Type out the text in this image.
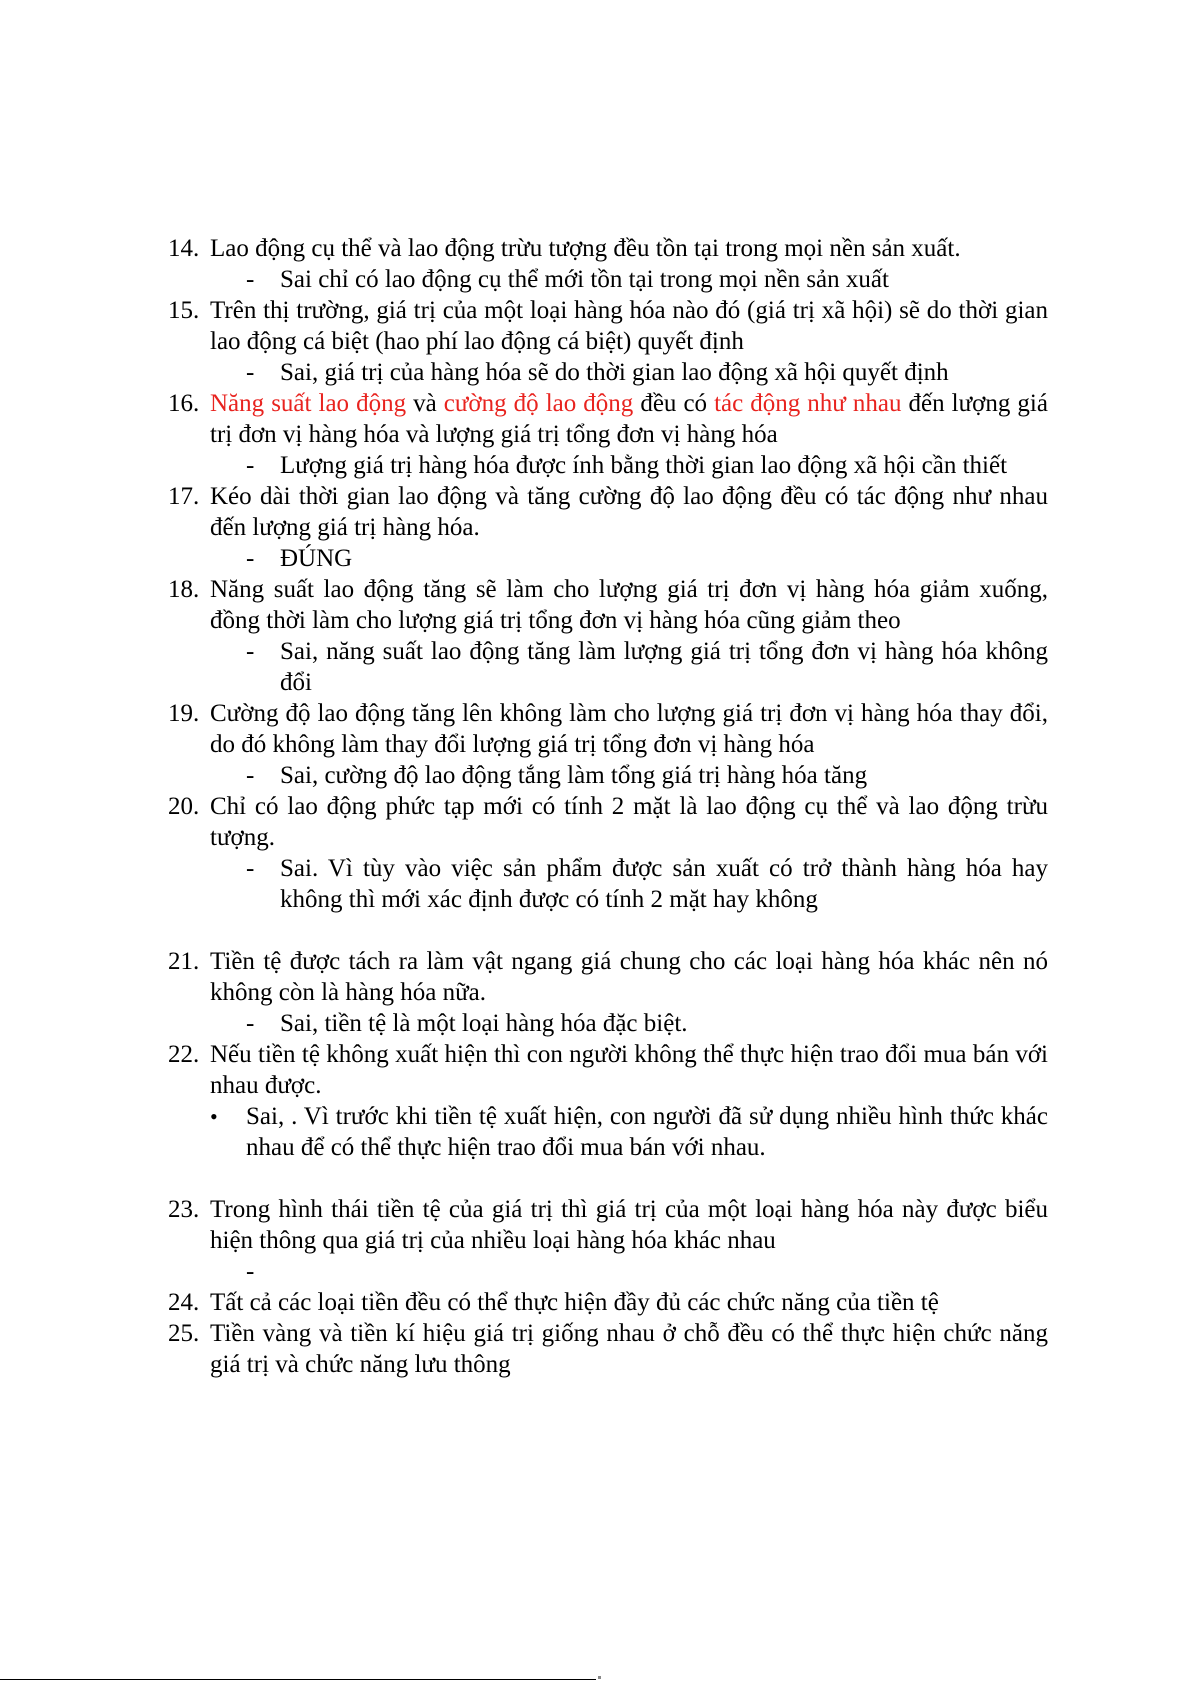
14. Lao động cụ thể và lao động trừu tượng đều tồn tại trong mọi nền sản xuất.
- Sai chỉ có lao động cụ thể mới tồn tại trong mọi nền sản xuất
15. Trên thị trường, giá trị của một loại hàng hóa nào đó (giá trị xã hội) sẽ do thời gian lao động cá biệt (hao phí lao động cá biệt) quyết định
- Sai, giá trị của hàng hóa sẽ do thời gian lao động xã hội quyết định
16. Năng suất lao động và cường độ lao động đều có tác động như nhau đến lượng giá trị đơn vị hàng hóa và lượng giá trị tổng đơn vị hàng hóa
- Lượng giá trị hàng hóa được ính bằng thời gian lao động xã hội cần thiết
17. Kéo dài thời gian lao động và tăng cường độ lao động đều có tác động như nhau đến lượng giá trị hàng hóa.
- ĐÚNG
18. Năng suất lao động tăng sẽ làm cho lượng giá trị đơn vị hàng hóa giảm xuống, đồng thời làm cho lượng giá trị tổng đơn vị hàng hóa cũng giảm theo
- Sai, năng suất lao động tăng làm lượng giá trị tổng đơn vị hàng hóa không đổi
19. Cường độ lao động tăng lên không làm cho lượng giá trị đơn vị hàng hóa thay đổi, do đó không làm thay đổi lượng giá trị tổng đơn vị hàng hóa
- Sai, cường độ lao động tắng làm tổng giá trị hàng hóa tăng
20. Chỉ có lao động phức tạp mới có tính 2 mặt là lao động cụ thể và lao động trừu tượng.
- Sai. Vì tùy vào việc sản phẩm được sản xuất có trở thành hàng hóa hay không thì mới xác định được có tính 2 mặt hay không
21. Tiền tệ được tách ra làm vật ngang giá chung cho các loại hàng hóa khác nên nó không còn là hàng hóa nữa.
- Sai, tiền tệ là một loại hàng hóa đặc biệt.
22. Nếu tiền tệ không xuất hiện thì con người không thể thực hiện trao đổi mua bán với nhau được.
• Sai, . Vì trước khi tiền tệ xuất hiện, con người đã sử dụng nhiều hình thức khác nhau để có thể thực hiện trao đổi mua bán với nhau.
23. Trong hình thái tiền tệ của giá trị thì giá trị của một loại hàng hóa này được biểu hiện thông qua giá trị của nhiều loại hàng hóa khác nhau
-

24. Tất cả các loại tiền đều có thể thực hiện đầy đủ các chức năng của tiền tệ
25. Tiền vàng và tiền kí hiệu giá trị giống nhau ở chỗ đều có thể thực hiện chức năng giá trị và chức năng lưu thông
